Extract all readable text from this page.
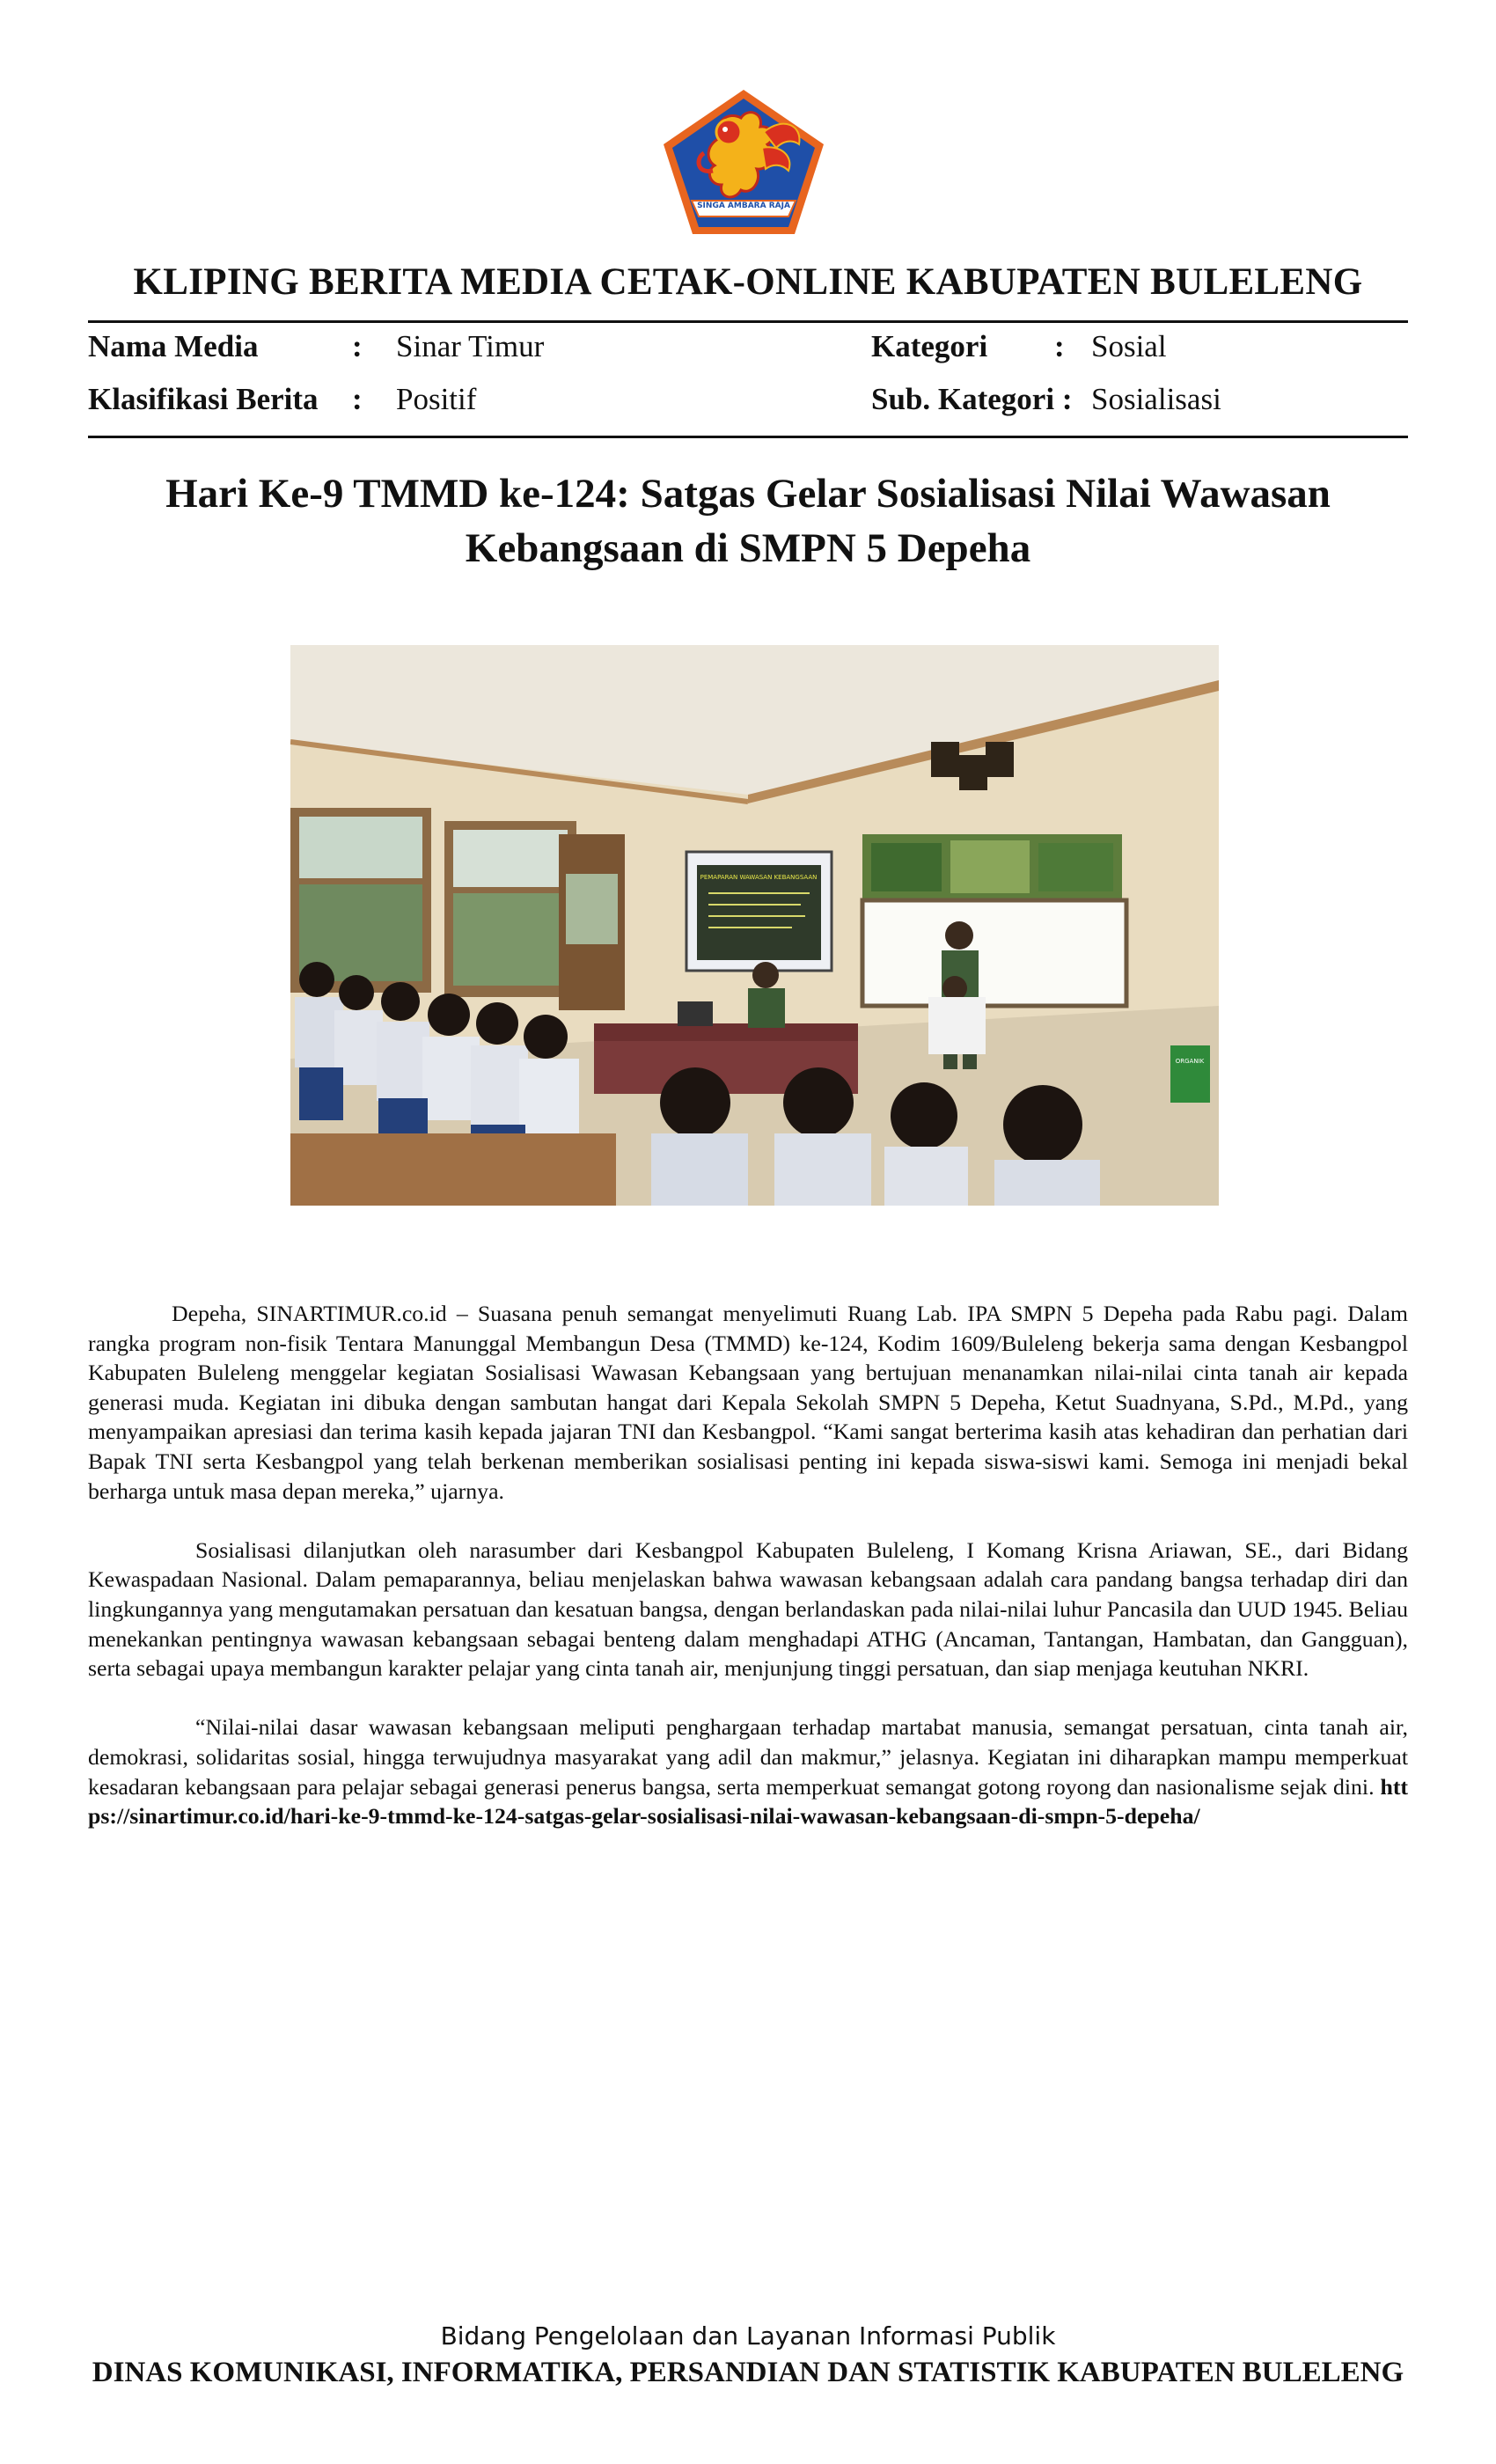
SINGA AMBARA RAJA
KLIPING BERITA MEDIA CETAK-ONLINE KABUPATEN BULELENG
Nama Media	: Sinar Timur
Klasifikasi Berita : Positif
Kategori : Sosial
Sub. Kategori : Sosialisasi
Hari Ke-9 TMMD ke-124: Satgas Gelar Sosialisasi Nilai Wawasan Kebangsaan di SMPN 5 Depeha
PEMAPARAN WAWASAN KEBANGSAAN
ORGANIK

Depeha, SINARTIMUR.co.id – Suasana penuh semangat menyelimuti Ruang Lab. IPA SMPN 5 Depeha pada Rabu pagi. Dalam rangka program non-fisik Tentara Manunggal Membangun Desa (TMMD) ke-124, Kodim 1609/Buleleng bekerja sama dengan Kesbangpol Kabupaten Buleleng menggelar kegiatan Sosialisasi Wawasan Kebangsaan yang bertujuan menanamkan nilai-nilai cinta tanah air kepada generasi muda. Kegiatan ini dibuka dengan sambutan hangat dari Kepala Sekolah SMPN 5 Depeha, Ketut Suadnyana, S.Pd., M.Pd., yang menyampaikan apresiasi dan terima kasih kepada jajaran TNI dan Kesbangpol. “Kami sangat berterima kasih atas kehadiran dan perhatian dari Bapak TNI serta Kesbangpol yang telah berkenan memberikan sosialisasi penting ini kepada siswa-siswi kami. Semoga ini menjadi bekal berharga untuk masa depan mereka,” ujarnya.

Sosialisasi dilanjutkan oleh narasumber dari Kesbangpol Kabupaten Buleleng, I Komang Krisna Ariawan, SE., dari Bidang Kewaspadaan Nasional. Dalam pemaparannya, beliau menjelaskan bahwa wawasan kebangsaan adalah cara pandang bangsa terhadap diri dan lingkungannya yang mengutamakan persatuan dan kesatuan bangsa, dengan berlandaskan pada nilai-nilai luhur Pancasila dan UUD 1945. Beliau menekankan pentingnya wawasan kebangsaan sebagai benteng dalam menghadapi ATHG (Ancaman, Tantangan, Hambatan, dan Gangguan), serta sebagai upaya membangun karakter pelajar yang cinta tanah air, menjunjung tinggi persatuan, dan siap menjaga keutuhan NKRI.

“Nilai-nilai dasar wawasan kebangsaan meliputi penghargaan terhadap martabat manusia, semangat persatuan, cinta tanah air, demokrasi, solidaritas sosial, hingga terwujudnya masyarakat yang adil dan makmur,” jelasnya. Kegiatan ini diharapkan mampu memperkuat kesadaran kebangsaan para pelajar sebagai generasi penerus bangsa, serta memperkuat semangat gotong royong dan nasionalisme sejak dini. https://sinartimur.co.id/hari-ke-9-tmmd-ke-124-satgas-gelar-sosialisasi-nilai-wawasan-kebangsaan-di-smpn-5-depeha/

Bidang Pengelolaan dan Layanan Informasi Publik
DINAS KOMUNIKASI, INFORMATIKA, PERSANDIAN DAN STATISTIK KABUPATEN BULELENG
